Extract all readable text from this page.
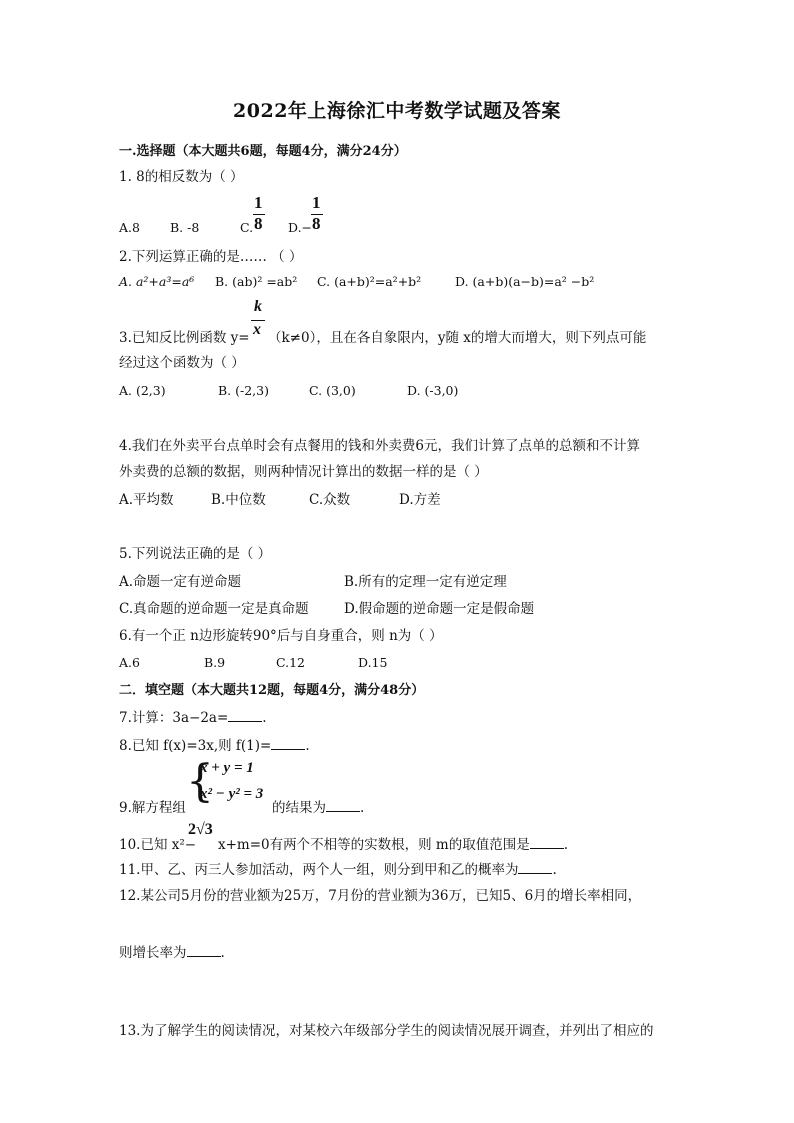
2022年上海徐汇中考数学试题及答案
一.选择题（本大题共6题，每题4分，满分24分）
1. 8的相反数为（ ）
A.8 B. -8	C.
1
8 D.−
1
8
2.下列运算正确的是…… （ ）
A. a²+a³=a⁶ B. (ab)² =ab² C. (a+b)²=a²+b²	D. (a+b)(a−b)=a² −b²
3.已知反比例函数 y=
k
x （k≠0），且在各自象限内，y随 x的增大而增大，则下列点可能
经过这个函数为（ ）
A. (2,3)	B. (-2,3)	C. (3,0)	D. (-3,0)
4.我们在外卖平台点单时会有点餐用的钱和外卖费6元，我们计算了点单的总额和不计算
外卖费的总额的数据，则两种情况计算出的数据一样的是（ ）
A.平均数	B.中位数	C.众数	D.方差
5.下列说法正确的是（ ）
A.命题一定有逆命题	B.所有的定理一定有逆定理
C.真命题的逆命题一定是真命题	D.假命题的逆命题一定是假命题
6.有一个正 n边形旋转90°后与自身重合，则 n为（ ）
A.6	B.9	C.12	D.15
二．填空题（本大题共12题，每题4分，满分48分）
7.计算：3a−2a=	.
8.已知 f(x)=3x,则 f(1)=	.
9.解方程组
{
x + y = 1
x² − y² = 3
的结果为	.
10.已知 x²−
2√3
x+m=0有两个不相等的实数根，则 m的取值范围是	.
11.甲、乙、丙三人参加活动，两个人一组，则分到甲和乙的概率为	.
12.某公司5月份的营业额为25万，7月份的营业额为36万，已知5、6月的增长率相同，
则增长率为	.
13.为了解学生的阅读情况，对某校六年级部分学生的阅读情况展开调查，并列出了相应的
